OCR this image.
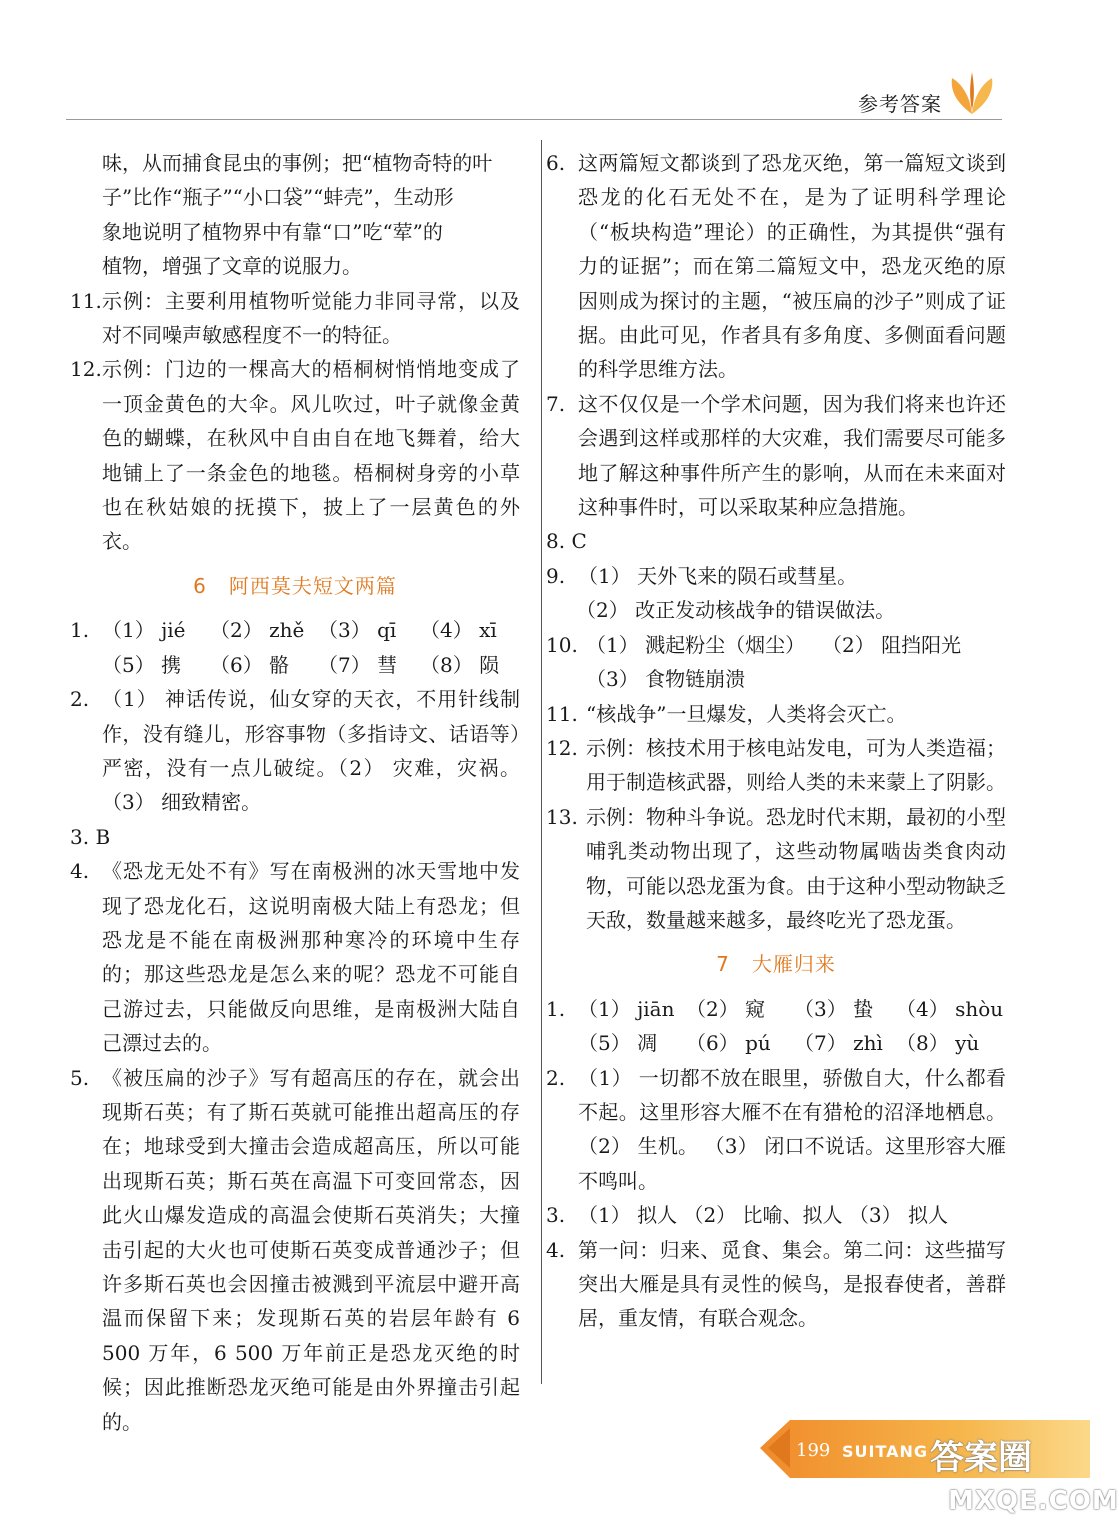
参考答案
味，从而捕食昆虫的事例；把“植物奇特的叶
子”比作“瓶子”“小口袋”“蚌壳”，生动形
象地说明了植物界中有靠“口”吃“荤”的
植物，增强了文章的说服力。
11. 示例：主要利用植物听觉能力非同寻常，以及对不同噪声敏感程度不一的特征。
12. 示例：门边的一棵高大的梧桐树悄悄地变成了一顶金黄色的大伞。风儿吹过，叶子就像金黄色的蝴蝶，在秋风中自由自在地飞舞着，给大地铺上了一条金色的地毯。梧桐树身旁的小草也在秋姑娘的抚摸下，披上了一层黄色的外衣。
6 阿西莫夫短文两篇
1. （1） jié （2） zhě （3） qī （4） xī
（5） 携 （6） 骼 （7） 彗 （8） 陨
2. （1） 神话传说，仙女穿的天衣，不用针线制作，没有缝儿，形容事物（多指诗文、话语等）严密，没有一点儿破绽。（2） 灾难，灾祸。（3） 细致精密。
3. B
4. 《恐龙无处不有》写在南极洲的冰天雪地中发现了恐龙化石，这说明南极大陆上有恐龙；但恐龙是不能在南极洲那种寒冷的环境中生存的；那这些恐龙是怎么来的呢？恐龙不可能自己游过去，只能做反向思维，是南极洲大陆自己漂过去的。
5. 《被压扁的沙子》写有超高压的存在，就会出现斯石英；有了斯石英就可能推出超高压的存在；地球受到大撞击会造成超高压，所以可能出现斯石英；斯石英在高温下可变回常态，因此火山爆发造成的高温会使斯石英消失；大撞击引起的大火也可使斯石英变成普通沙子；但许多斯石英也会因撞击被溅到平流层中避开高温而保留下来；发现斯石英的岩层年龄有 6 500 万年，6 500 万年前正是恐龙灭绝的时候；因此推断恐龙灭绝可能是由外界撞击引起的。
6. 这两篇短文都谈到了恐龙灭绝，第一篇短文谈到恐龙的化石无处不在，是为了证明科学理论（“板块构造”理论）的正确性，为其提供“强有力的证据”；而在第二篇短文中，恐龙灭绝的原因则成为探讨的主题，“被压扁的沙子”则成了证据。由此可见，作者具有多角度、多侧面看问题的科学思维方法。
7. 这不仅仅是一个学术问题，因为我们将来也许还会遇到这样或那样的大灾难，我们需要尽可能多地了解这种事件所产生的影响，从而在未来面对这种事件时，可以采取某种应急措施。
8. C
9. （1） 天外飞来的陨石或彗星。
（2） 改正发动核战争的错误做法。
10. （1） 溅起粉尘（烟尘） （2） 阻挡阳光
（3） 食物链崩溃
11. “核战争”一旦爆发，人类将会灭亡。
12. 示例：核技术用于核电站发电，可为人类造福；用于制造核武器，则给人类的未来蒙上了阴影。
13. 示例：物种斗争说。恐龙时代末期，最初的小型哺乳类动物出现了，这些动物属啮齿类食肉动物，可能以恐龙蛋为食。由于这种小型动物缺乏天敌，数量越来越多，最终吃光了恐龙蛋。
7 大雁归来
1. （1） jiān （2） 窥 （3） 蛰 （4） shòu
（5） 凋 （6） pú （7） zhì （8） yù
2. （1） 一切都不放在眼里，骄傲自大，什么都看不起。这里形容大雁不在有猎枪的沼泽地栖息。（2） 生机。 （3） 闭口不说话。这里形容大雁不鸣叫。
3. （1） 拟人 （2） 比喻、拟人 （3） 拟人
4. 第一问：归来、觅食、集会。第二问：这些描写突出大雁是具有灵性的候鸟，是报春使者，善群居，重友情，有联合观念。
199 SUITANG 答案圈
MXQE.COM
